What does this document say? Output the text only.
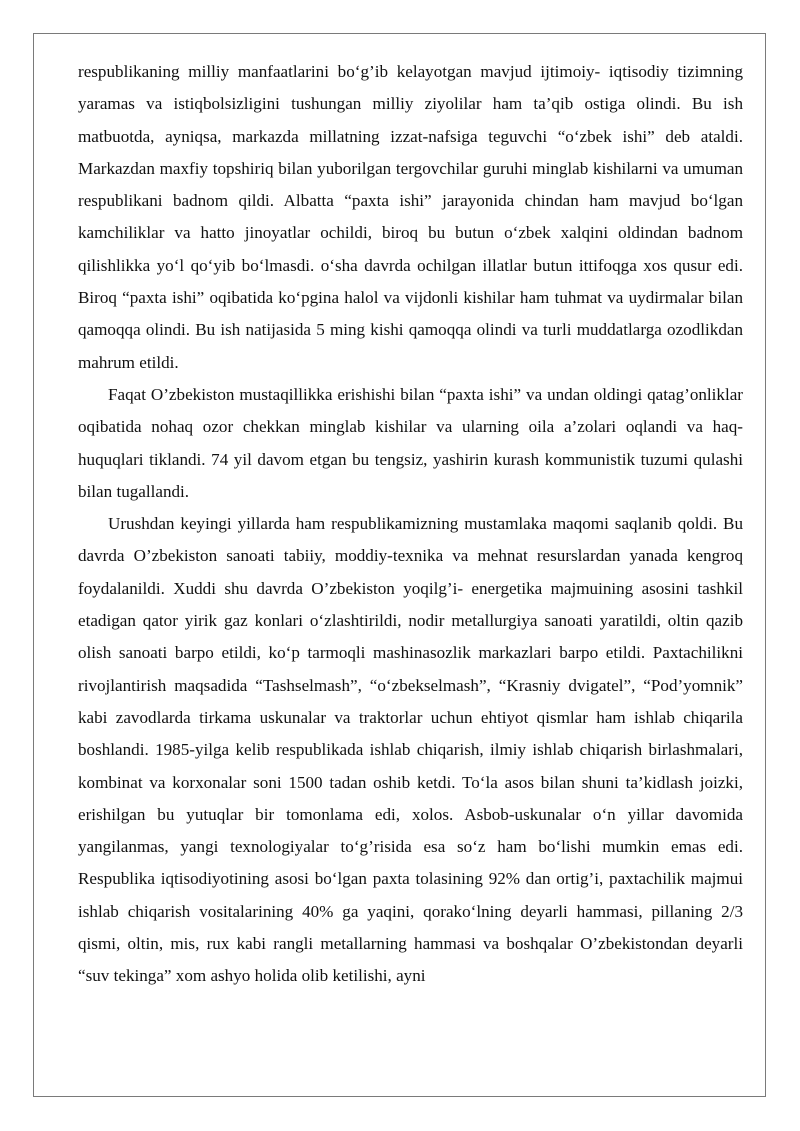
respublikaning milliy manfaatlarini bo‘g’ib kelayotgan mavjud ijtimoiy- iqtisodiy tizimning yaramas va istiqbolsizligini tushungan milliy ziyolilar ham ta’qib ostiga olindi. Bu ish matbuotda, ayniqsa, markazda millatning izzat-nafsiga teguvchi “o‘zbek ishi” deb ataldi. Markazdan maxfiy topshiriq bilan yuborilgan tergovchilar guruhi minglab kishilarni va umuman respublikani badnom qildi. Albatta “paxta ishi” jarayonida chindan ham mavjud bo‘lgan kamchiliklar va hatto jinoyatlar ochildi, biroq bu butun o‘zbek xalqini oldindan badnom qilishlikka yo‘l qo‘yib bo‘lmasdi. o‘sha davrda ochilgan illatlar butun ittifoqga xos qusur edi. Biroq “paxta ishi” oqibatida ko‘pgina halol va vijdonli kishilar ham tuhmat va uydirmalar bilan qamoqqa olindi. Bu ish natijasida 5 ming kishi qamoqqa olindi va turli muddatlarga ozodlikdan mahrum etildi.

Faqat O’zbekiston mustaqillikka erishishi bilan “paxta ishi” va undan oldingi qatag’onliklar oqibatida nohaq ozor chekkan minglab kishilar va ularning oila a’zolari oqlandi va haq-huquqlari tiklandi. 74 yil davom etgan bu tengsiz, yashirin kurash kommunistik tuzumi qulashi bilan tugallandi.

Urushdan keyingi yillarda ham respublikamizning mustamlaka maqomi saqlanib qoldi. Bu davrda O’zbekiston sanoati tabiiy, moddiy-texnika va mehnat resurslardan yanada kengroq foydalanildi. Xuddi shu davrda O’zbekiston yoqilg’i- energetika majmuining asosini tashkil etadigan qator yirik gaz konlari o‘zlashtirildi, nodir metallurgiya sanoati yaratildi, oltin qazib olish sanoati barpo etildi, ko‘p tarmoqli mashinasozlik markazlari barpo etildi. Paxtachilikni rivojlantirish maqsadida “Tashselmash”, “o‘zbekselmash”, “Krasniy dvigatel”, “Pod’yomnik” kabi zavodlarda tirkama uskunalar va traktorlar uchun ehtiyot qismlar ham ishlab chiqarila boshlandi. 1985-yilga kelib respublikada ishlab chiqarish, ilmiy ishlab chiqarish birlashmalari, kombinat va korxonalar soni 1500 tadan oshib ketdi. To‘la asos bilan shuni ta’kidlash joizki, erishilgan bu yutuqlar bir tomonlama edi, xolos. Asbob-uskunalar o‘n yillar davomida yangilanmas, yangi texnologiyalar to‘g’risida esa so‘z ham bo‘lishi mumkin emas edi. Respublika iqtisodiyotining asosi bo‘lgan paxta tolasining 92% dan ortig’i, paxtachilik majmui ishlab chiqarish vositalarining 40% ga yaqini, qorako‘lning deyarli hammasi, pillaning 2/3 qismi, oltin, mis, rux kabi rangli metallarning hammasi va boshqalar O’zbekistondan deyarli “suv tekinga” xom ashyo holida olib ketilishi, ayni
